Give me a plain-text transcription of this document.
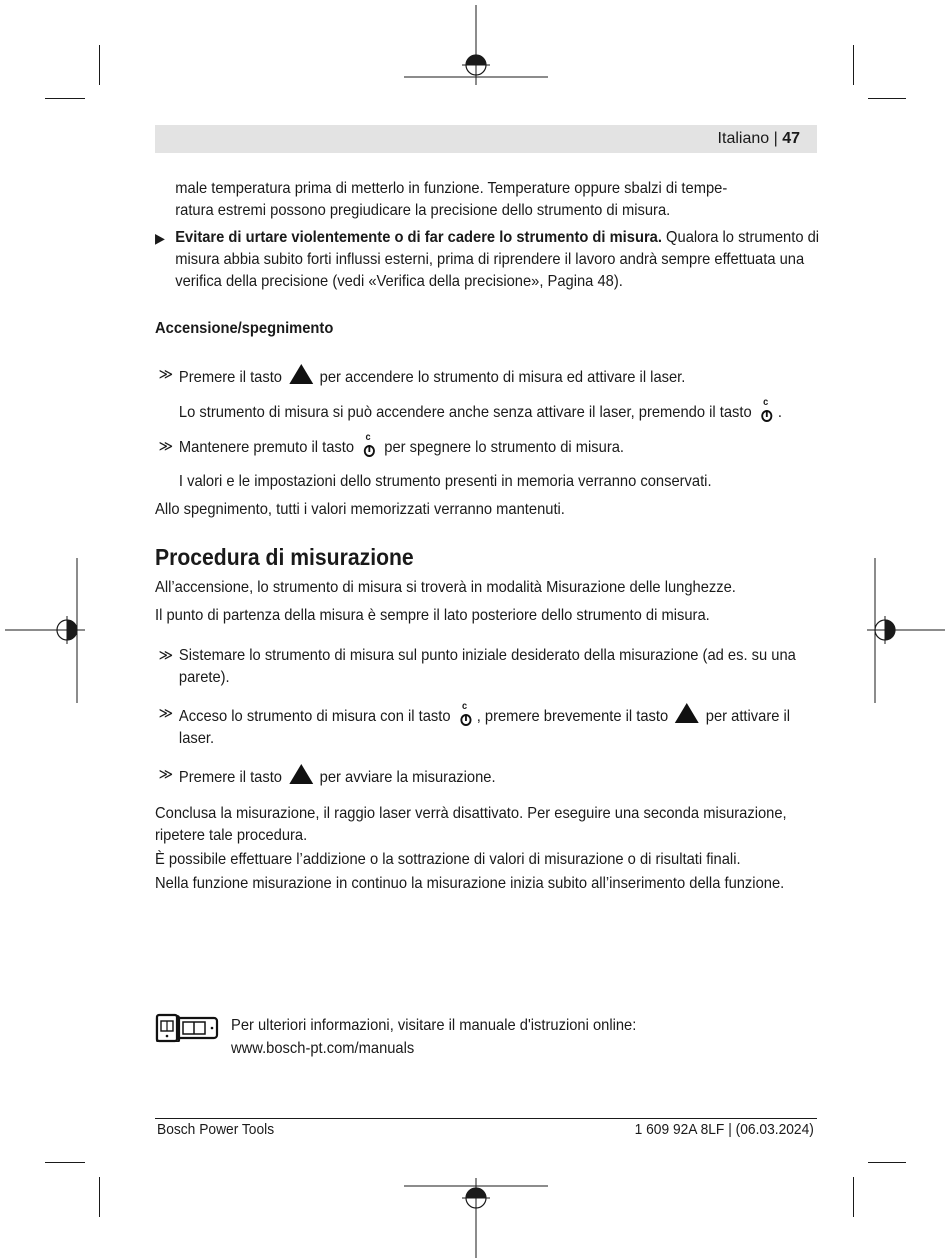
Italiano | 47

male temperatura prima di metterlo in funzione. Temperature oppure sbalzi di tempe-

ratura estremi possono pregiudicare la precisione dello strumento di misura.

▶ Evitare di urtare violentemente o di far cadere lo strumento di misura. Qualora lo strumento di misura abbia subito forti influssi esterni, prima di riprendere il lavoro andrà sempre effettuata una verifica della precisione (vedi «Verifica della precisione», Pagina 48).
Accensione/spegnimento
≫ Premere il tasto per accendere lo strumento di misura ed attivare il laser.
Lo strumento di misura si può accendere anche senza attivare il laser, premendo il tasto
c
.
≫ Mantenere premuto il tasto
c
per spegnere lo strumento di misura.

I valori e le impostazioni dello strumento presenti in memoria verranno conservati.

Allo spegnimento, tutti i valori memorizzati verranno mantenuti.

Procedura di misurazione

All’accensione, lo strumento di misura si troverà in modalità Misurazione delle lunghezze.

Il punto di partenza della misura è sempre il lato posteriore dello strumento di misura.

≫ Sistemare lo strumento di misura sul punto iniziale desiderato della misurazione (ad es. su una parete).
≫ Acceso lo strumento di misura con il tasto
c
, premere brevemente il tasto per attivare il laser.
≫ Premere il tasto per avviare la misurazione.

Conclusa la misurazione, il raggio laser verrà disattivato. Per eseguire una seconda misurazione, ripetere tale procedura.

È possibile effettuare l’addizione o la sottrazione di valori di misurazione o di risultati finali.

Nella funzione misurazione in continuo la misurazione inizia subito all’inserimento della funzione.

Per ulteriori informazioni, visitare il manuale d'istruzioni online:
www.bosch-pt.com/manuals
Bosch Power Tools	1 609 92A 8LF | (06.03.2024)
